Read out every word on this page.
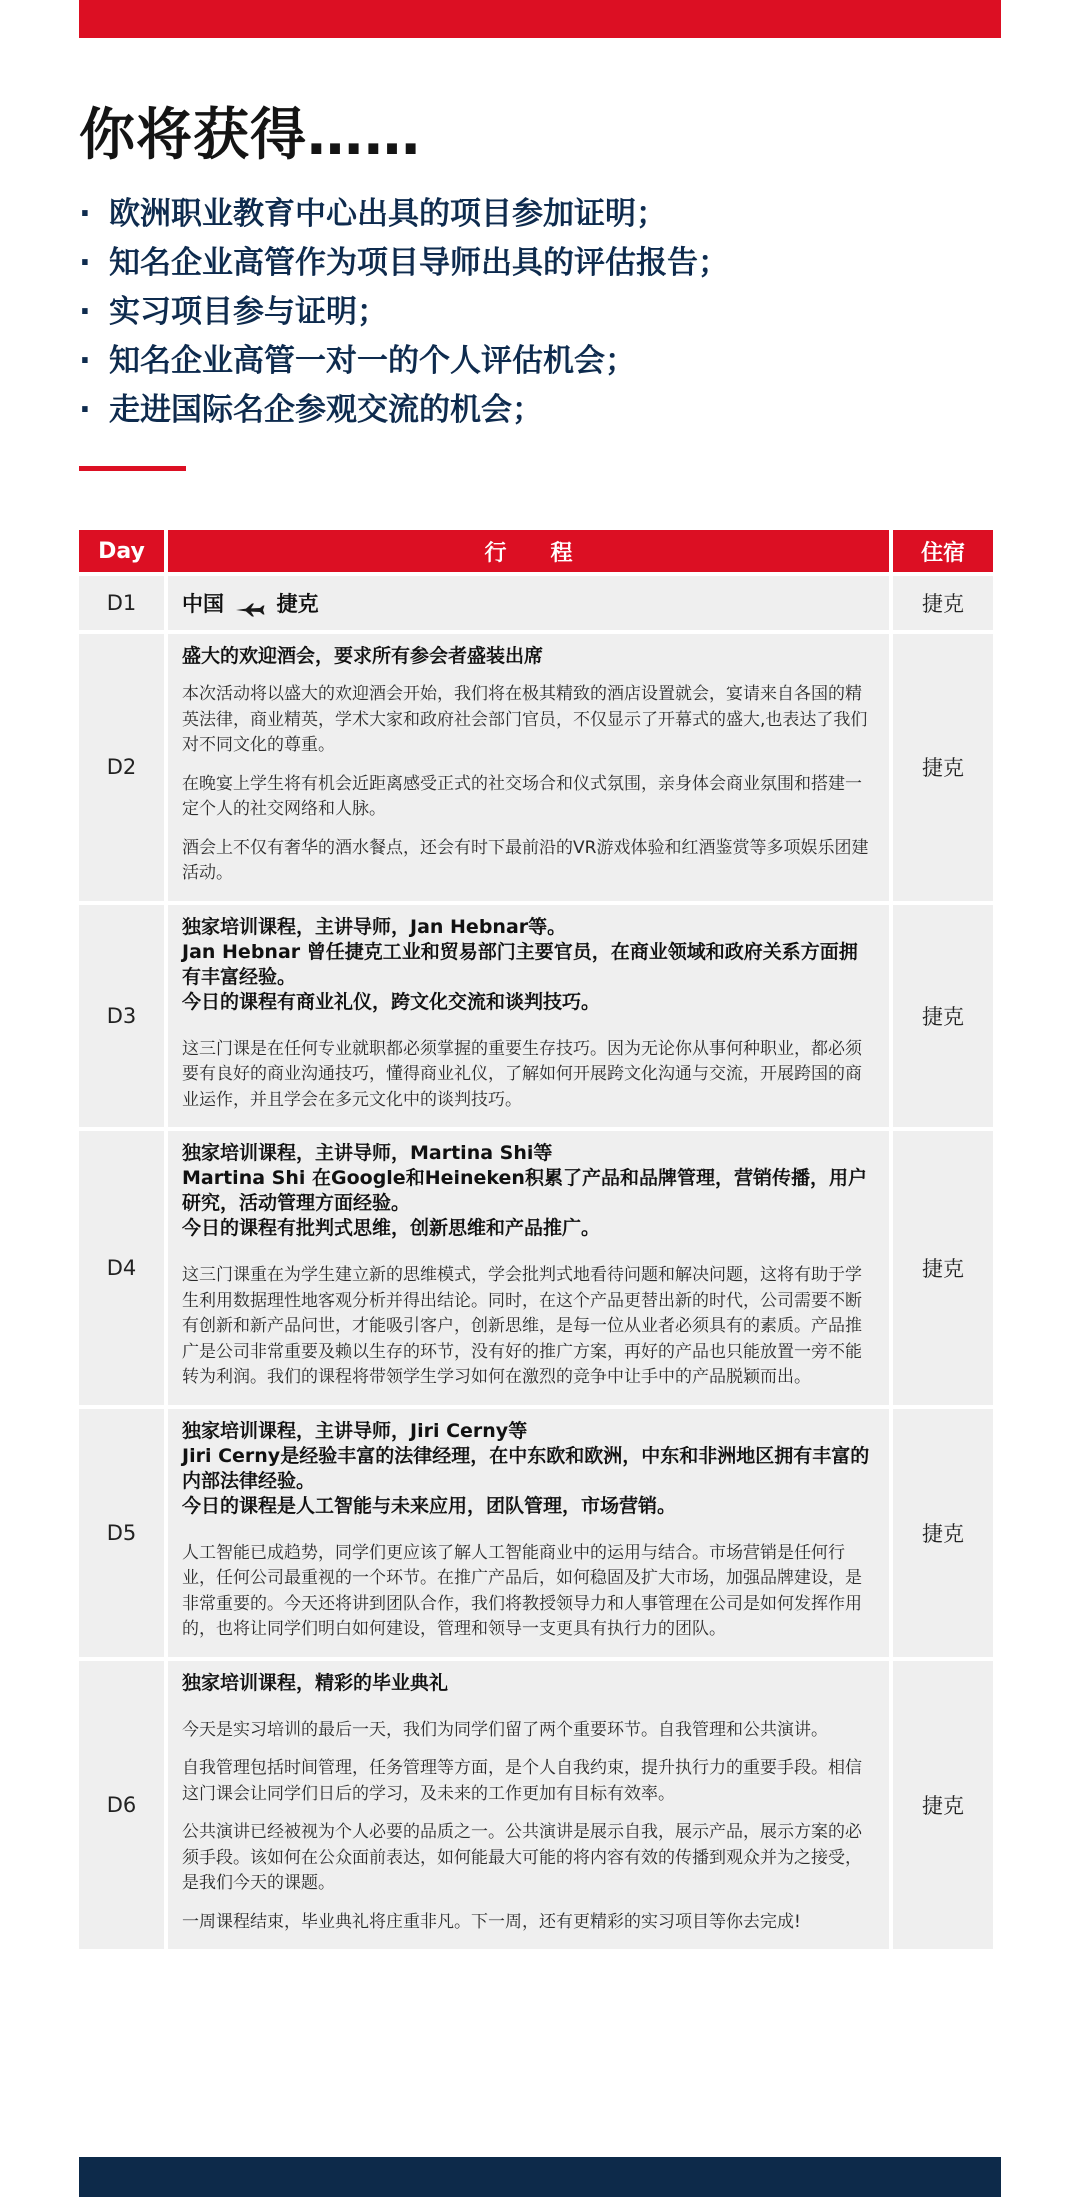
你将获得……
· 欧洲职业教育中心出具的项目参加证明；
· 知名企业高管作为项目导师出具的评估报告；
· 实习项目参与证明；
· 知名企业高管一对一的个人评估机会；
· 走进国际名企参观交流的机会；
Day	行　　程	住宿
D1	中国 捷克	捷克
D2	盛大的欢迎酒会，要求所有参会者盛装出席
本次活动将以盛大的欢迎酒会开始，我们将在极其精致的酒店设置就会，宴请来自各国的精英法律，商业精英，学术大家和政府社会部门官员，不仅显示了开幕式的盛大,也表达了我们对不同文化的尊重。
在晚宴上学生将有机会近距离感受正式的社交场合和仪式氛围，亲身体会商业氛围和搭建一定个人的社交网络和人脉。
酒会上不仅有奢华的酒水餐点，还会有时下最前沿的VR游戏体验和红酒鉴赏等多项娱乐团建活动。	捷克
D3	独家培训课程，主讲导师，Jan Hebnar等。
Jan Hebnar 曾任捷克工业和贸易部门主要官员，在商业领域和政府关系方面拥有丰富经验。
今日的课程有商业礼仪，跨文化交流和谈判技巧。
这三门课是在任何专业就职都必须掌握的重要生存技巧。因为无论你从事何种职业，都必须要有良好的商业沟通技巧，懂得商业礼仪，了解如何开展跨文化沟通与交流，开展跨国的商业运作，并且学会在多元文化中的谈判技巧。	捷克
D4	独家培训课程，主讲导师，Martina Shi等
Martina Shi 在Google和Heineken积累了产品和品牌管理，营销传播，用户研究，活动管理方面经验。
今日的课程有批判式思维，创新思维和产品推广。
这三门课重在为学生建立新的思维模式，学会批判式地看待问题和解决问题，这将有助于学生利用数据理性地客观分析并得出结论。同时，在这个产品更替出新的时代，公司需要不断有创新和新产品问世，才能吸引客户，创新思维，是每一位从业者必须具有的素质。产品推广是公司非常重要及赖以生存的环节，没有好的推广方案，再好的产品也只能放置一旁不能转为利润。我们的课程将带领学生学习如何在激烈的竞争中让手中的产品脱颖而出。	捷克
D5	独家培训课程，主讲导师，Jiri Cerny等
Jiri Cerny是经验丰富的法律经理，在中东欧和欧洲，中东和非洲地区拥有丰富的内部法律经验。
今日的课程是人工智能与未来应用，团队管理，市场营销。
人工智能已成趋势，同学们更应该了解人工智能商业中的运用与结合。市场营销是任何行业，任何公司最重视的一个环节。在推广产品后，如何稳固及扩大市场，加强品牌建设，是非常重要的。今天还将讲到团队合作，我们将教授领导力和人事管理在公司是如何发挥作用的，也将让同学们明白如何建设，管理和领导一支更具有执行力的团队。	捷克
D6	独家培训课程，精彩的毕业典礼
今天是实习培训的最后一天，我们为同学们留了两个重要环节。自我管理和公共演讲。
自我管理包括时间管理，任务管理等方面，是个人自我约束，提升执行力的重要手段。相信这门课会让同学们日后的学习，及未来的工作更加有目标有效率。
公共演讲已经被视为个人必要的品质之一。公共演讲是展示自我，展示产品，展示方案的必须手段。该如何在公众面前表达，如何能最大可能的将内容有效的传播到观众并为之接受，是我们今天的课题。
一周课程结束，毕业典礼将庄重非凡。下一周，还有更精彩的实习项目等你去完成!	捷克
